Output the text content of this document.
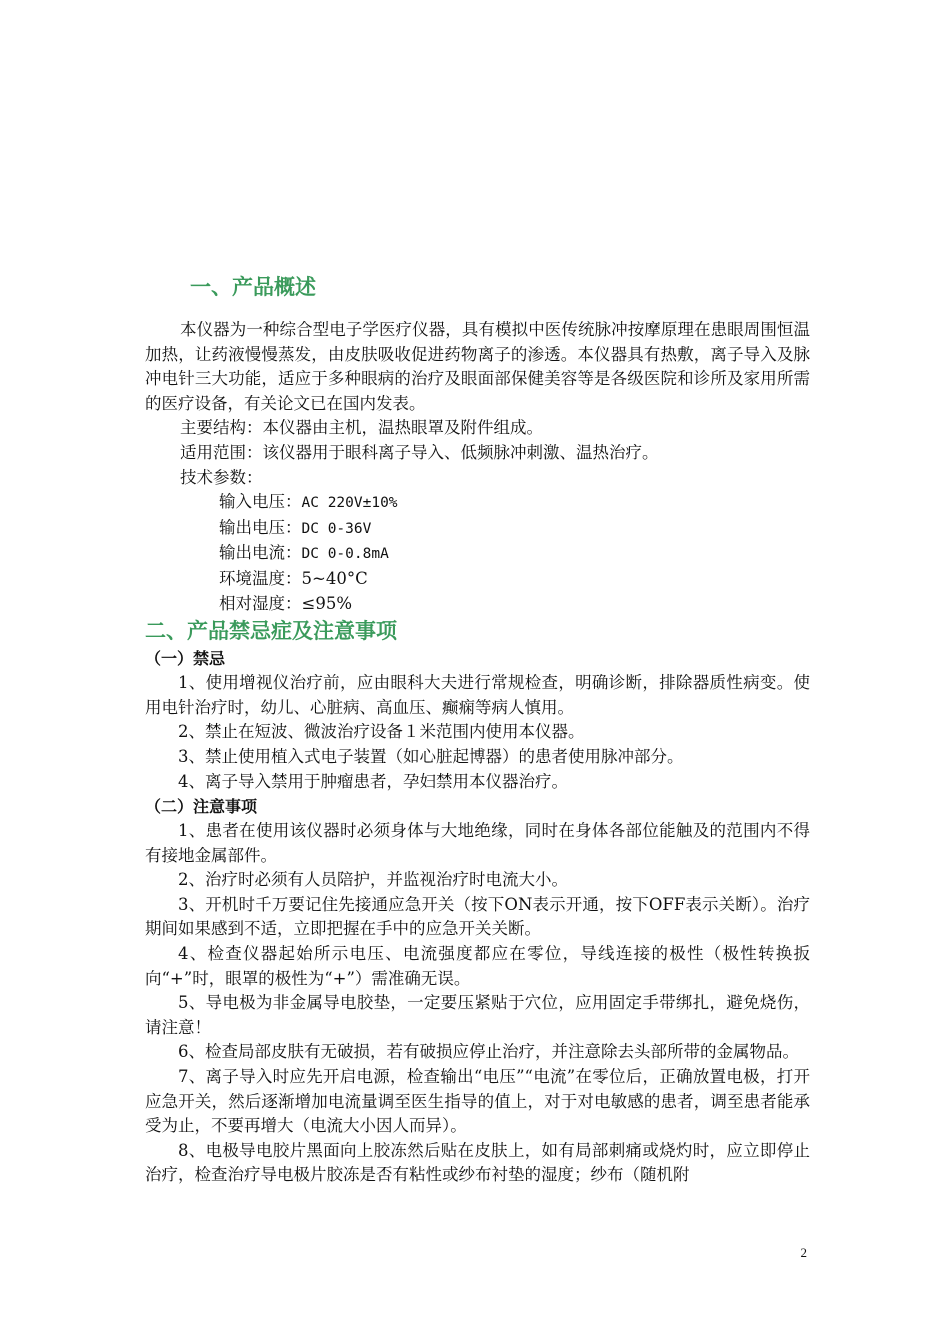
一、产品概述

本仪器为一种综合型电子学医疗仪器，具有模拟中医传统脉冲按摩原理在患眼周围恒温加热，让药液慢慢蒸发，由皮肤吸收促进药物离子的渗透。本仪器具有热敷，离子导入及脉冲电针三大功能，适应于多种眼病的治疗及眼面部保健美容等是各级医院和诊所及家用所需的医疗设备，有关论文已在国内发表。

主要结构：本仪器由主机，温热眼罩及附件组成。

适用范围：该仪器用于眼科离子导入、低频脉冲刺激、温热治疗。

技术参数：

输入电压：AC 220V±10%

输出电压：DC 0-36V

输出电流：DC 0-0.8mA

环境温度：5~40°C

相对湿度：≤95%

二、产品禁忌症及注意事项

（一）禁忌

1、使用增视仪治疗前，应由眼科大夫进行常规检查，明确诊断，排除器质性病变。使用电针治疗时，幼儿、心脏病、高血压、癫痫等病人慎用。

2、禁止在短波、微波治疗设备１米范围内使用本仪器。

3、禁止使用植入式电子装置（如心脏起博器）的患者使用脉冲部分。

4、离子导入禁用于肿瘤患者，孕妇禁用本仪器治疗。

（二）注意事项

1、患者在使用该仪器时必须身体与大地绝缘，同时在身体各部位能触及的范围内不得有接地金属部件。

2、治疗时必须有人员陪护，并监视治疗时电流大小。

3、开机时千万要记住先接通应急开关（按下ON表示开通，按下OFF表示关断）。治疗期间如果感到不适，立即把握在手中的应急开关关断。

4、检查仪器起始所示电压、电流强度都应在零位，导线连接的极性（极性转换扳向“+”时，眼罩的极性为“+”）需准确无误。

5、导电极为非金属导电胶垫，一定要压紧贴于穴位，应用固定手带绑扎，避免烧伤，请注意！

6、检查局部皮肤有无破损，若有破损应停止治疗，并注意除去头部所带的金属物品。

7、离子导入时应先开启电源，检查输出“电压”“电流”在零位后，正确放置电极，打开应急开关，然后逐渐增加电流量调至医生指导的值上，对于对电敏感的患者，调至患者能承受为止，不要再增大（电流大小因人而异）。

8、电极导电胶片黑面向上胶冻然后贴在皮肤上，如有局部刺痛或烧灼时，应立即停止治疗，检查治疗导电极片胶冻是否有粘性或纱布衬垫的湿度；纱布（随机附

2
